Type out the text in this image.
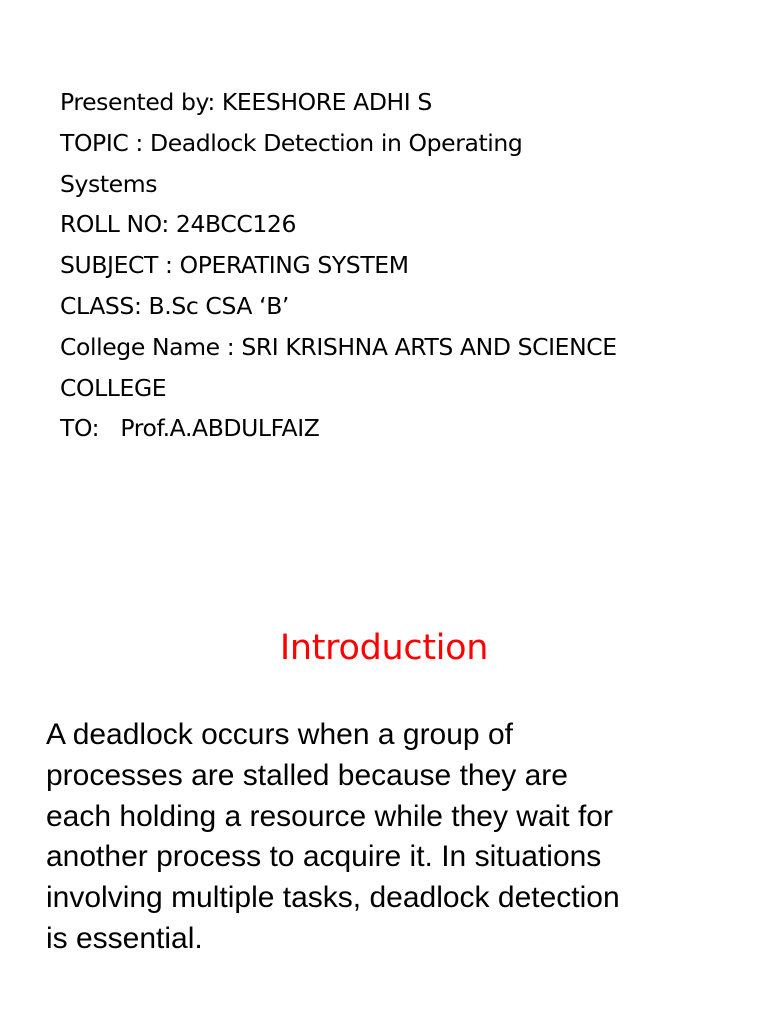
Presented by: KEESHORE ADHI S
TOPIC : Deadlock Detection in Operating
Systems
ROLL NO: 24BCC126
SUBJECT : OPERATING SYSTEM
CLASS: B.Sc CSA ‘B’
College Name : SRI KRISHNA ARTS AND SCIENCE
COLLEGE
TO:   Prof.A.ABDULFAIZ
Introduction
A deadlock occurs when a group of
processes are stalled because they are
each holding a resource while they wait for
another process to acquire it. In situations
involving multiple tasks, deadlock detection
is essential.
